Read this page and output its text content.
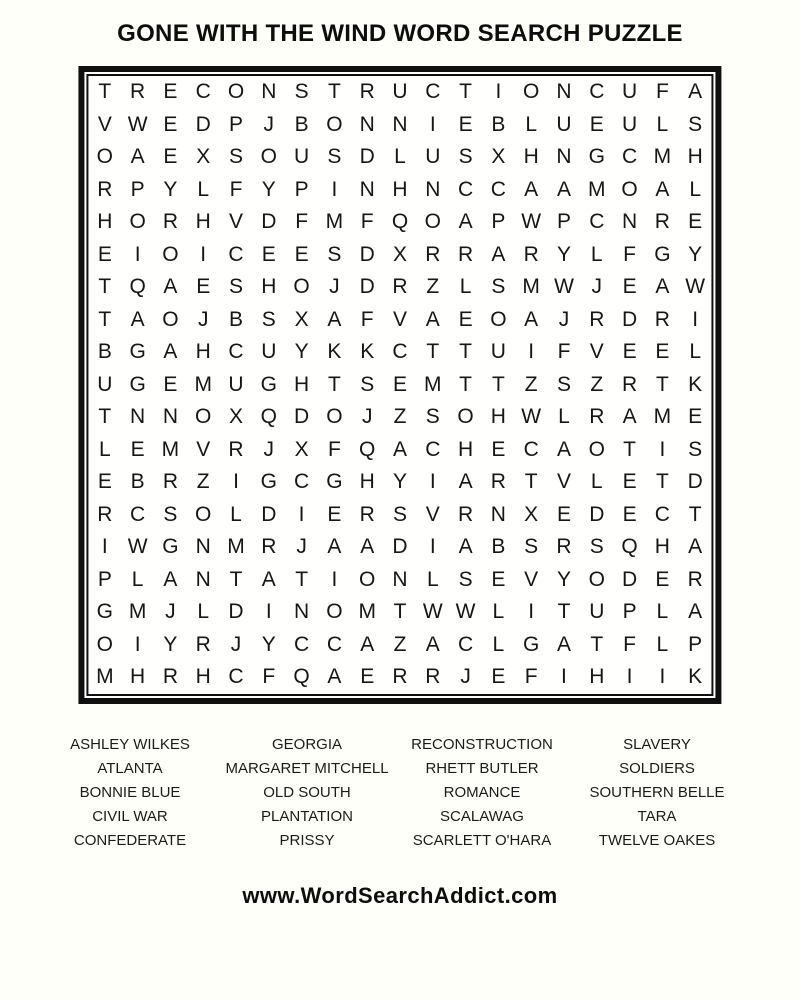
GONE WITH THE WIND WORD SEARCH PUZZLE
T R E C O N S T R U C T	I	O N C U F A
V W E D P J B O N N	I	E B L U E U L S
O A E X S O U S D L U S X H N G C M H
R P Y L F Y P	I	N H N C C A A M O A L
H O R H V D F M F Q O A P W P C N R E
E	I	O	I	C E E S D X R R A R Y L F G Y
T Q A E S H O J D R Z L S M W J E A W
T A O J B S X A F V A E O A J R D R	I
B G A H C U Y K K C T T U	I	F V E E L
U G E M U G H T S E M T T Z S Z R T K
T N N O X Q D O J	Z S O H W L R A M E
L E M V R J X F Q A C H E C A O T	I	S
E B R Z	I	G C G H Y	I	A R T V L E T D
R C S O L D	I	E R S V R N X E D E C T
I W G N M R J A A D	I	A B S R S Q H A
P L A N T A T	I	O N L S E V Y O D E R
G M J	L D	I	N O M T W W L	I	T U P L A
O	I	Y R J Y C C A Z A C L G A T F L P
M H R H C F Q A E R R J E F	I	H	I	I	K
ASHLEY WILKES
ATLANTA
BONNIE BLUE
CIVIL WAR
CONFEDERATE
GEORGIA
MARGARET MITCHELL
OLD SOUTH
PLANTATION
PRISSY
RECONSTRUCTION
RHETT BUTLER
ROMANCE
SCALAWAG
SCARLETT O'HARA
SLAVERY
SOLDIERS
SOUTHERN BELLE
TARA
TWELVE OAKES
www.WordSearchAddict.com
